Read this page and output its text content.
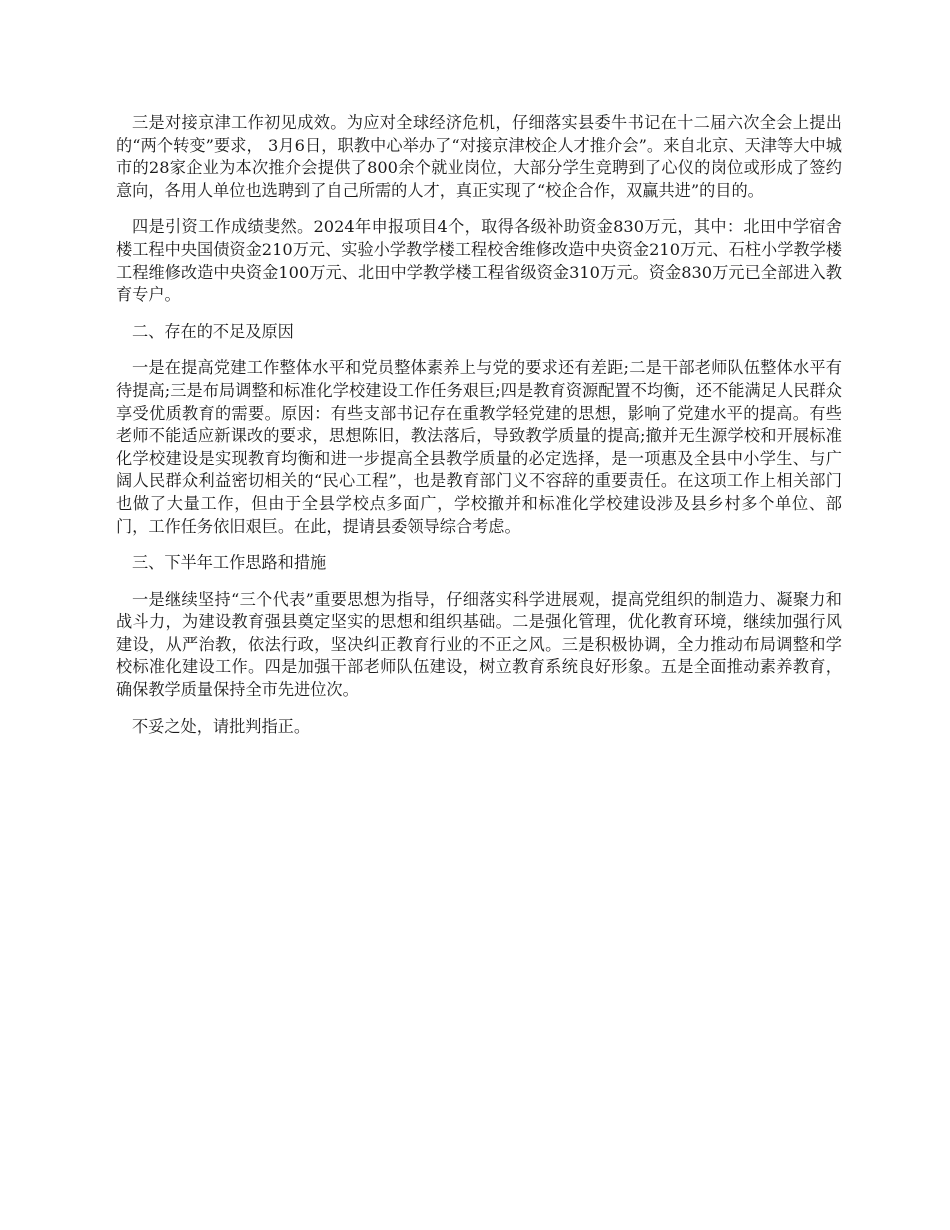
三是对接京津工作初见成效。为应对全球经济危机，仔细落实县委牛书记在十二届六次全会上提出的“两个转变”要求， 3月6日，职教中心举办了“对接京津校企人才推介会”。来自北京、天津等大中城市的28家企业为本次推介会提供了800余个就业岗位，大部分学生竞聘到了心仪的岗位或形成了签约意向，各用人单位也选聘到了自己所需的人才，真正实现了“校企合作，双赢共进”的目的。

四是引资工作成绩斐然。2024年申报项目4个，取得各级补助资金830万元，其中：北田中学宿舍楼工程中央国债资金210万元、实验小学教学楼工程校舍维修改造中央资金210万元、石柱小学教学楼工程维修改造中央资金100万元、北田中学教学楼工程省级资金310万元。资金830万元已全部进入教育专户。

二、存在的不足及原因

一是在提高党建工作整体水平和党员整体素养上与党的要求还有差距;二是干部老师队伍整体水平有待提高;三是布局调整和标准化学校建设工作任务艰巨;四是教育资源配置不均衡，还不能满足人民群众享受优质教育的需要。原因：有些支部书记存在重教学轻党建的思想，影响了党建水平的提高。有些老师不能适应新课改的要求，思想陈旧，教法落后，导致教学质量的提高;撤并无生源学校和开展标准化学校建设是实现教育均衡和进一步提高全县教学质量的必定选择，是一项惠及全县中小学生、与广阔人民群众利益密切相关的“民心工程”，也是教育部门义不容辞的重要责任。在这项工作上相关部门也做了大量工作，但由于全县学校点多面广，学校撤并和标准化学校建设涉及县乡村多个单位、部门，工作任务依旧艰巨。在此，提请县委领导综合考虑。

三、下半年工作思路和措施

一是继续坚持“三个代表”重要思想为指导，仔细落实科学进展观，提高党组织的制造力、凝聚力和战斗力，为建设教育强县奠定坚实的思想和组织基础。二是强化管理，优化教育环境，继续加强行风建设，从严治教，依法行政，坚决纠正教育行业的不正之风。三是积极协调，全力推动布局调整和学校标准化建设工作。四是加强干部老师队伍建设，树立教育系统良好形象。五是全面推动素养教育，确保教学质量保持全市先进位次。

不妥之处，请批判指正。
